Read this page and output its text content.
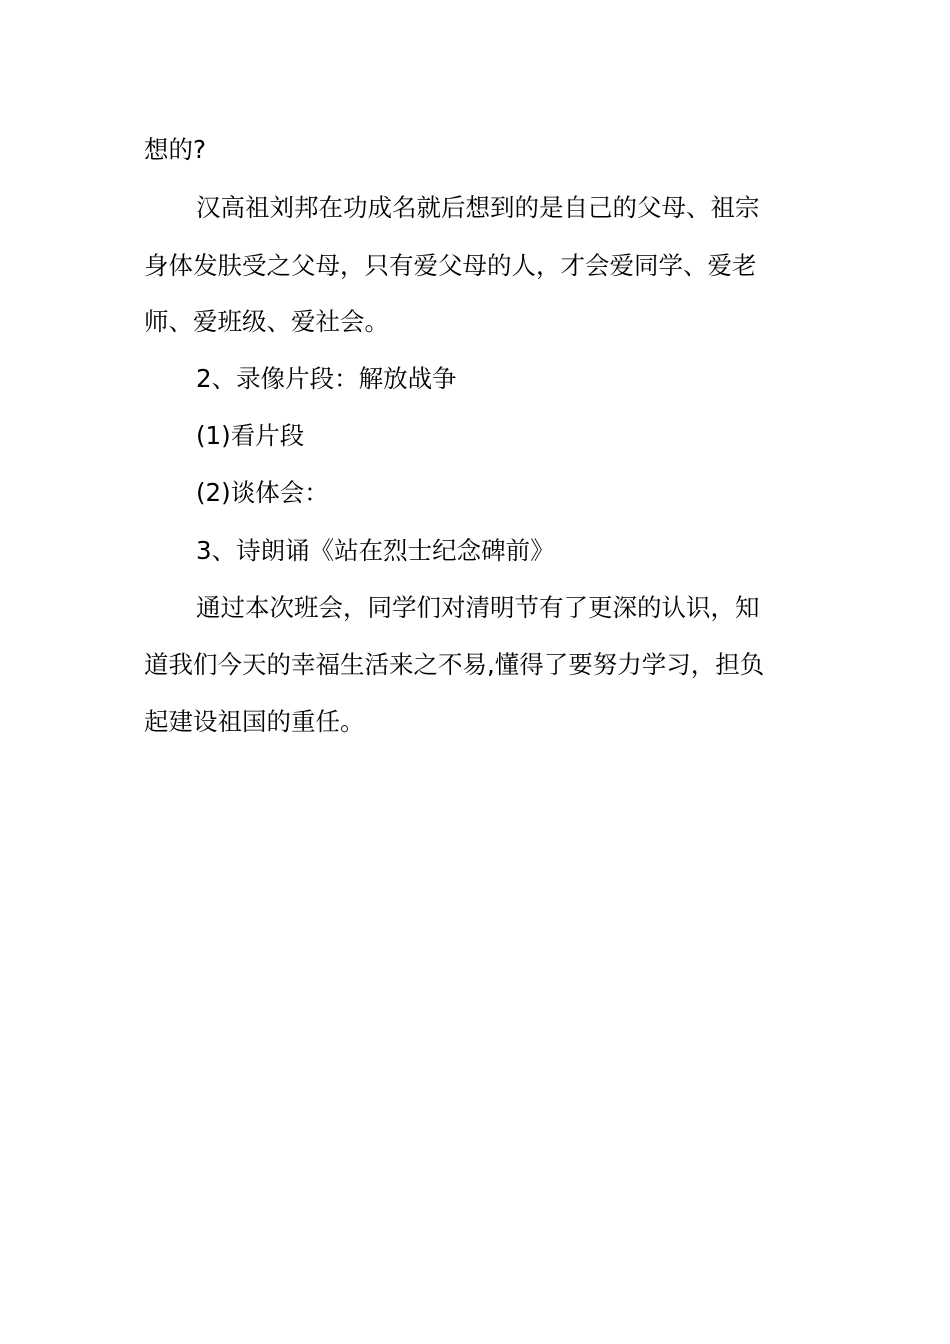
想的?
汉高祖刘邦在功成名就后想到的是自己的父母、祖宗
身体发肤受之父母，只有爱父母的人，才会爱同学、爱老
师、爱班级、爱社会。
2、录像片段：解放战争
(1)看片段
(2)谈体会：
3、诗朗诵《站在烈士纪念碑前》
通过本次班会，同学们对清明节有了更深的认识，知
道我们今天的幸福生活来之不易,懂得了要努力学习，担负
起建设祖国的重任。
